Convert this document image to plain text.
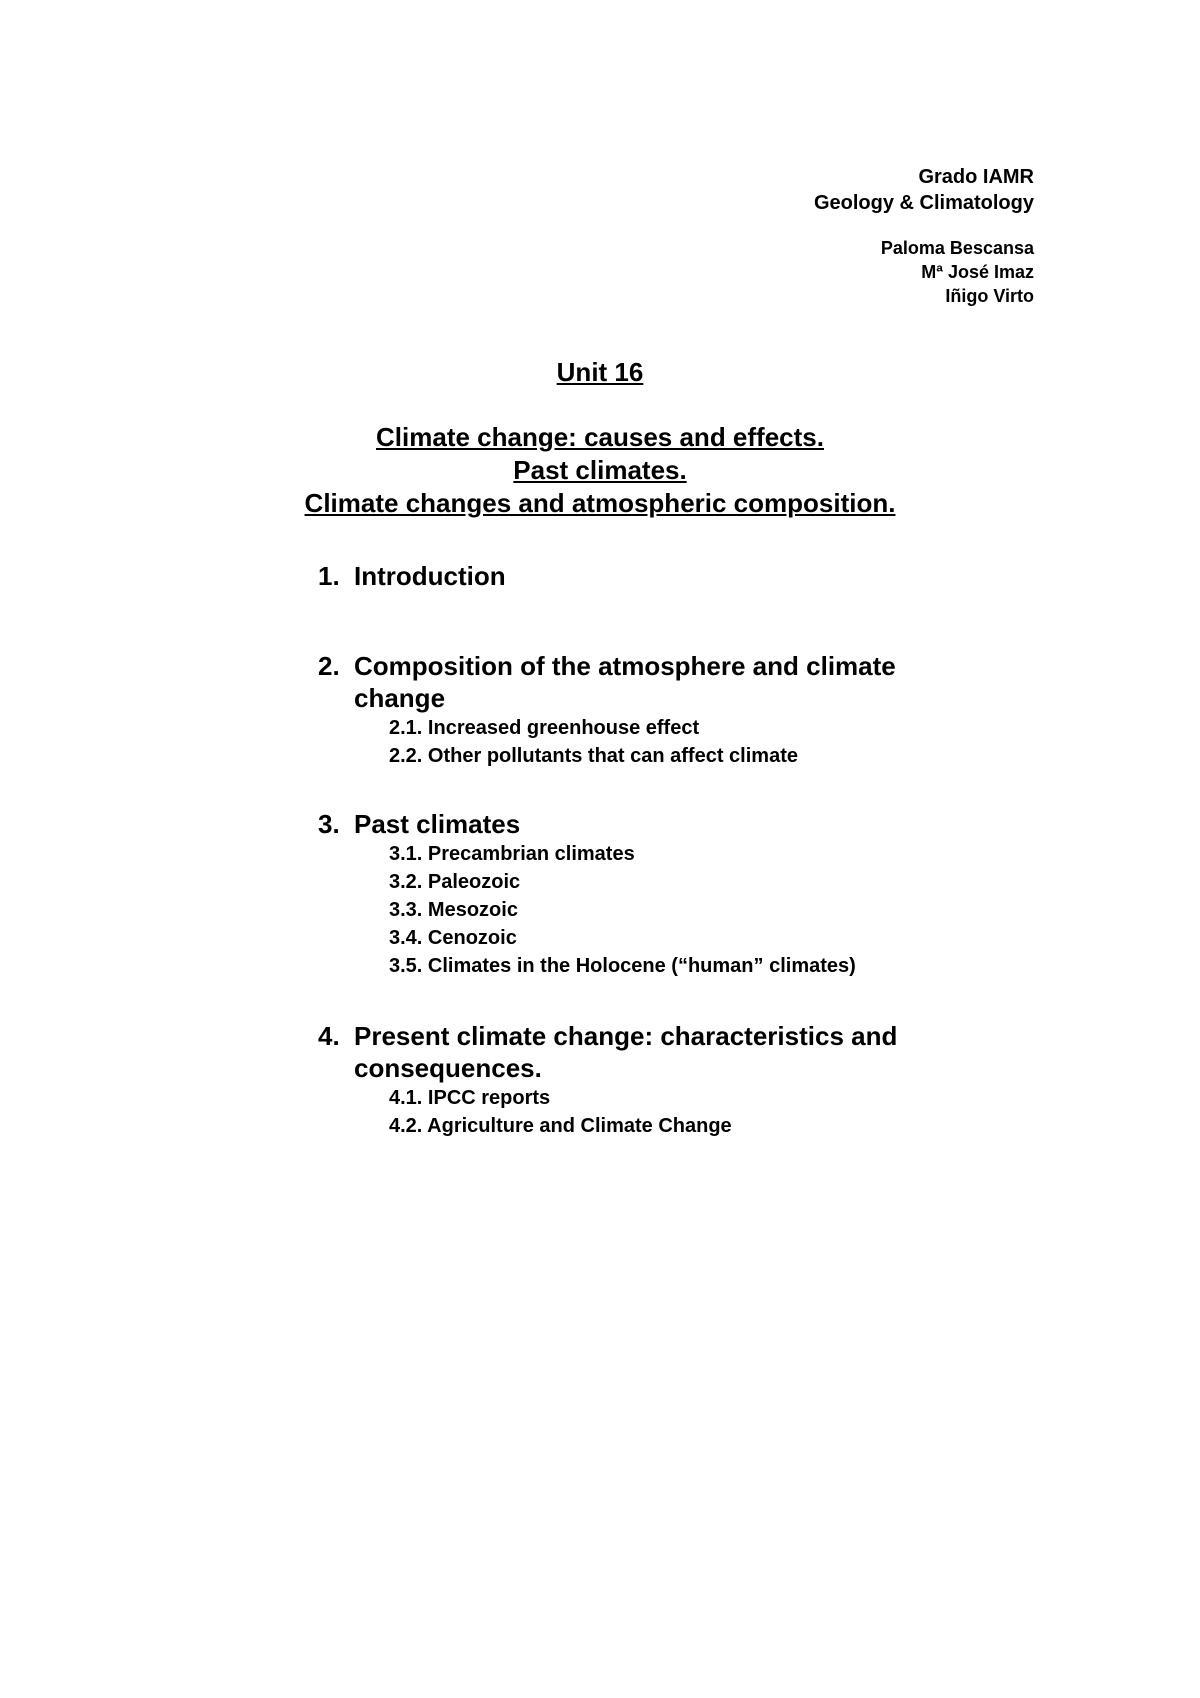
Grado IAMR
Geology & Climatology
Paloma Bescansa
Mª José Imaz
Iñigo Virto
Unit 16
Climate change: causes and effects.
Past climates.
Climate changes and atmospheric composition.
1. Introduction
2. Composition of the atmosphere and climate change
2.1. Increased greenhouse effect
2.2. Other pollutants that can affect climate
3. Past climates
3.1. Precambrian climates
3.2. Paleozoic
3.3. Mesozoic
3.4. Cenozoic
3.5. Climates in the Holocene (“human” climates)
4. Present climate change: characteristics and consequences.
4.1. IPCC reports
4.2. Agriculture and Climate Change
